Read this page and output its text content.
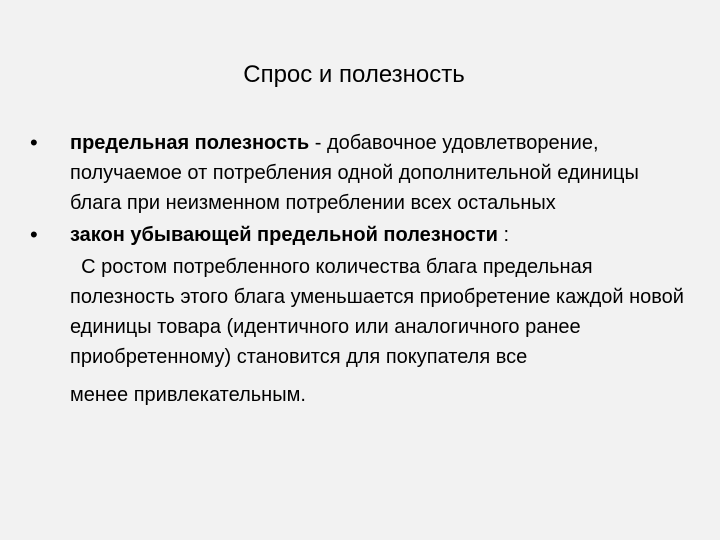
Спрос и полезность
•	предельная полезность - добавочное удовлетворение, получаемое от потребления одной дополнительной единицы блага при неизменном потреблении всех остальных
•	закон убывающей предельной полезности :
С ростом потребленного количества блага предельная полезность этого блага уменьшается приобретение каждой новой единицы товара (идентичного или аналогичного ранее приобретенному) становится для покупателя все
менее привлекательным.
